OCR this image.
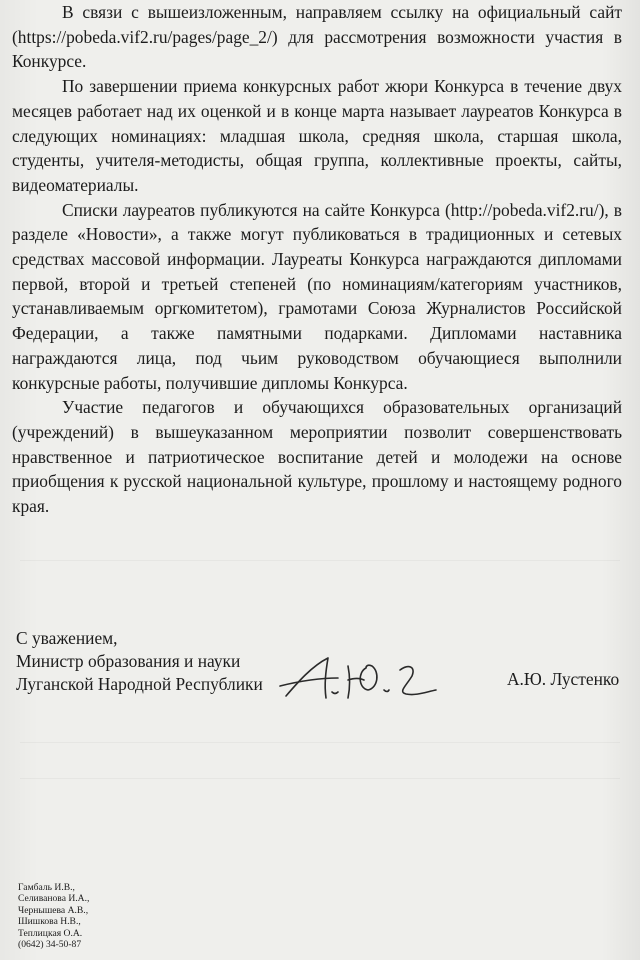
В связи с вышеизложенным, направляем ссылку на официальный сайт (https://pobeda.vif2.ru/pages/page_2/) для рассмотрения возможности участия в Конкурсе.

По завершении приема конкурсных работ жюри Конкурса в течение двух месяцев работает над их оценкой и в конце марта называет лауреатов Конкурса в следующих номинациях: младшая школа, средняя школа, старшая школа, студенты, учителя-методисты, общая группа, коллективные проекты, сайты, видеоматериалы.

Списки лауреатов публикуются на сайте Конкурса (http://pobeda.vif2.ru/), в разделе «Новости», а также могут публиковаться в традиционных и сетевых средствах массовой информации. Лауреаты Конкурса награждаются дипломами первой, второй и третьей степеней (по номинациям/категориям участников, устанавливаемым оргкомитетом), грамотами Союза Журналистов Российской Федерации, а также памятными подарками. Дипломами наставника награждаются лица, под чьим руководством обучающиеся выполнили конкурсные работы, получившие дипломы Конкурса.

Участие педагогов и обучающихся образовательных организаций (учреждений) в вышеуказанном мероприятии позволит совершенствовать нравственное и патриотическое воспитание детей и молодежи на основе приобщения к русской национальной культуре, прошлому и настоящему родного края.

С уважением,
Министр образования и науки
Луганской Народной Республики	А.Ю. Лустенко
Гамбаль И.В.,
Селиванова И.А.,
Чернышева А.В.,
Шишкова Н.В.,
Теплицкая О.А.
(0642) 34-50-87
